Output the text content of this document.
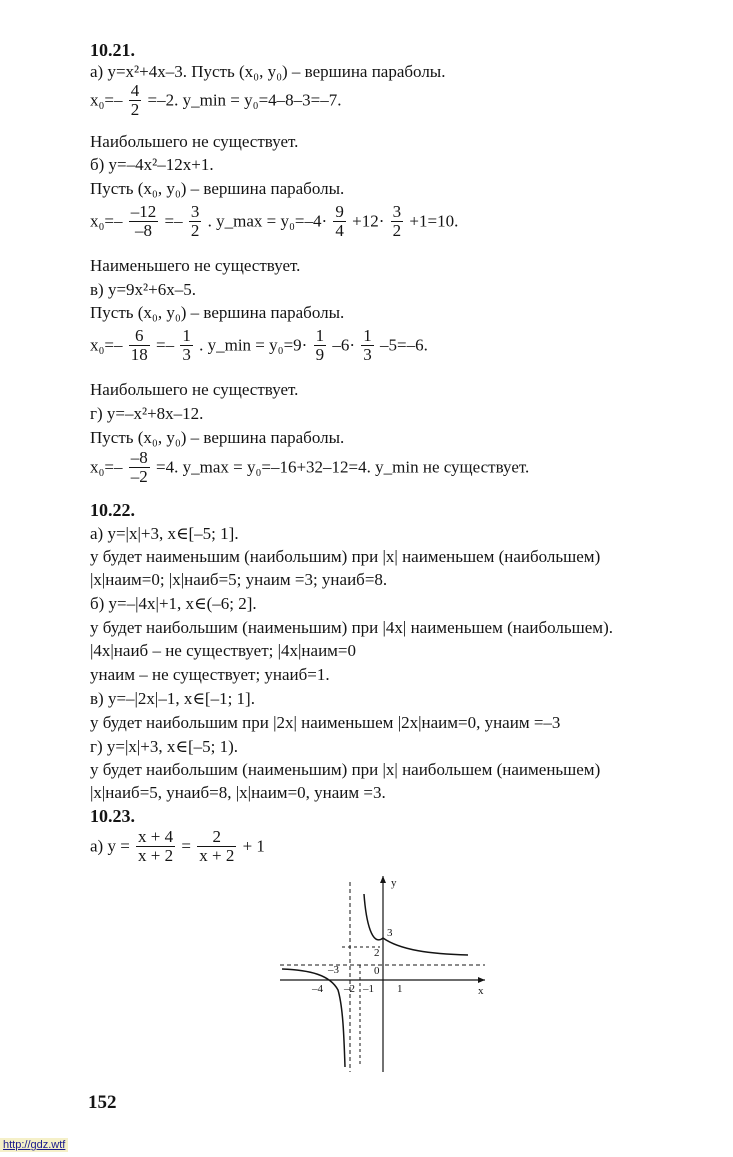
10.21.
а) y=x²+4x–3. Пусть (x₀, y₀) – вершина параболы.
$x_0=- \frac{4}{2} =-2$. y_min = y₀=4–8–3=–7.
Наибольшего не существует.
б) y=–4x²–12x+1.
Пусть (x₀, y₀) – вершина параболы.
$x_0=- \frac{-12}{-8} =- \frac{3}{2}$ . y_max = $y_0=-4\cdot \frac{9}{4} +12\cdot \frac{3}{2} +1=10$.
Наименьшего не существует.
в) y=9x²+6x–5.
Пусть (x₀, y₀) – вершина параболы.
$x_0=- \frac{6}{18} =- \frac{1}{3}$ . y_min = $y_0=9\cdot \frac{1}{9} -6\cdot \frac{1}{3} -5=-6$.
Наибольшего не существует.
г) y=–x²+8x–12.
Пусть (x₀, y₀) – вершина параболы.
$x_0=- \frac{-8}{-2} =4$. y_max = y₀=–16+32–12=4. y_min не существует.
10.22.
а) y=|x|+3, x∈[–5; 1].
y будет наименьшим (наибольшим) при |x| наименьшем (наибольшем)
|x|наим=0; |x|наиб=5; yнаим =3; yнаиб=8.
б) y=–|4x|+1, x∈(–6; 2].
y будет наибольшим (наименьшим) при |4x| наименьшем (наибольшем).
|4x|наиб – не существует; |4x|наим=0
yнаим – не существует; yнаиб=1.
в) y=–|2x|–1, x∈[–1; 1].
y будет наибольшим при |2x| наименьшем |2x|наим=0, yнаим =–3
г) y=|x|+3, x∈[–5; 1).
y будет наибольшим (наименьшим) при |x| наибольшем (наименьшем)
|x|наиб=5, yнаиб=8, |x|наим=0, yнаим =3.
10.23.
а) $y = \frac{x + 4}{x + 2} = \frac{2}{x + 2} + 1$
y
x
3
2
0
–3
–4 –2 –1 1
152
http://gdz.wtf
